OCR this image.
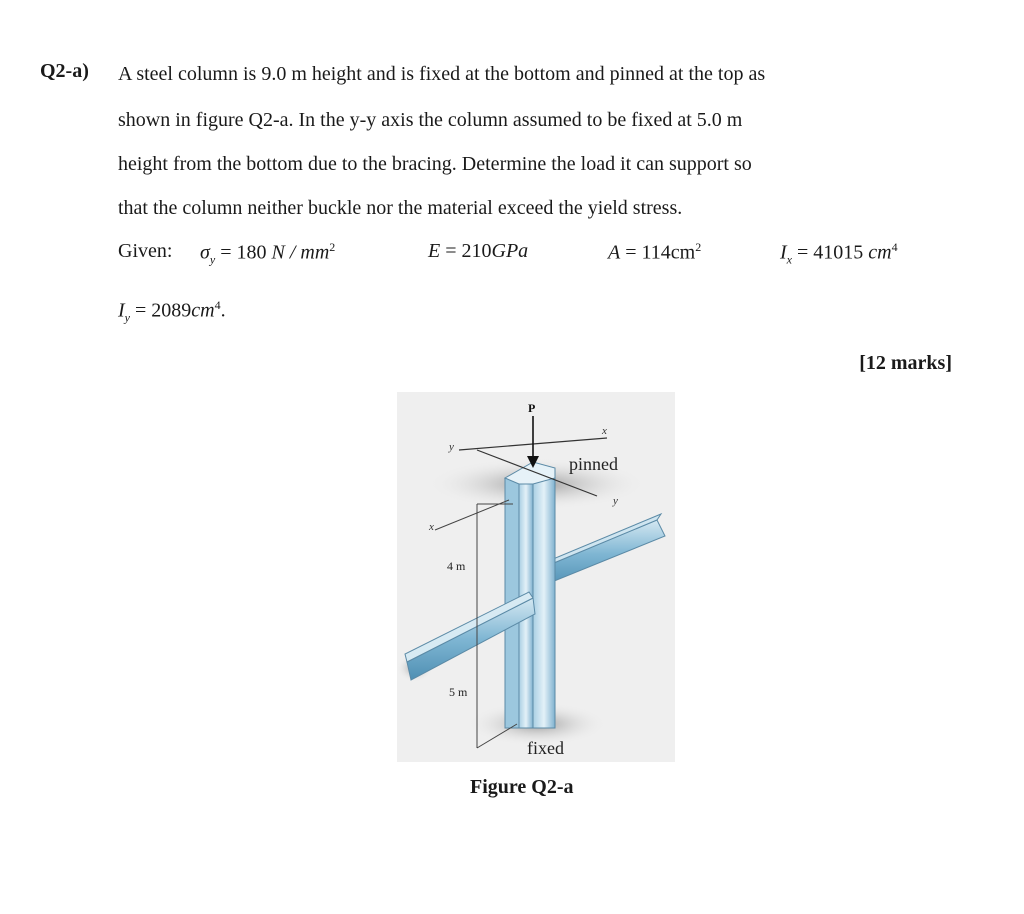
Q2-a) A steel column is 9.0 m height and is fixed at the bottom and pinned at the top as
shown in figure Q2-a. In the y-y axis the column assumed to be fixed at 5.0 m
height from the bottom due to the bracing. Determine the load it can support so
that the column neither buckle nor the material exceed the yield stress.
Given: $\sigma_y = 180$ N / $mm^2$	E = 210GPa	$A = 114cm^2$	$I_x = 41015$ $cm^4$
$I_y = 2089cm^4$.
[12 marks]
x
y
y
P
pinned
x
4 m
5 m
fixed
Figure Q2-a
